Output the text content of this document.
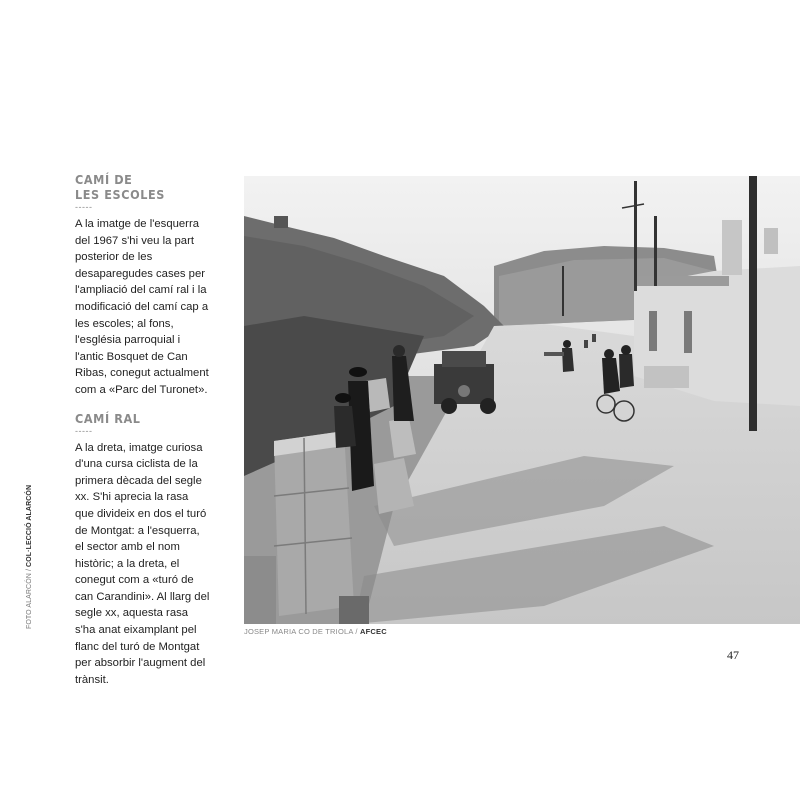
FOTO ALARCÓN / COL·LECCIÓ ALARCÓN
CAMÍ DE
LES ESCOLES
-----

A la imatge de l'esquerra del 1967 s'hi veu la part posterior de les desaparegudes cases per l'ampliació del camí ral i la modificació del camí cap a les escoles; al fons, l'església parroquial i l'antic Bosquet de Can Ribas, conegut actualment com a «Parc del Turonet».

CAMÍ RAL
-----

A la dreta, imatge curiosa d'una cursa ciclista de la primera dècada del segle xx. S'hi aprecia la rasa que divideix en dos el turó de Montgat: a l'esquerra, el sector amb el nom històric; a la dreta, el conegut com a «turó de can Carandini». Al llarg del segle xx, aquesta rasa s'ha anat eixamplant pel flanc del turó de Montgat per absorbir l'augment del trànsit.

JOSEP MARIA CO DE TRIOLA / AFCEC
47
